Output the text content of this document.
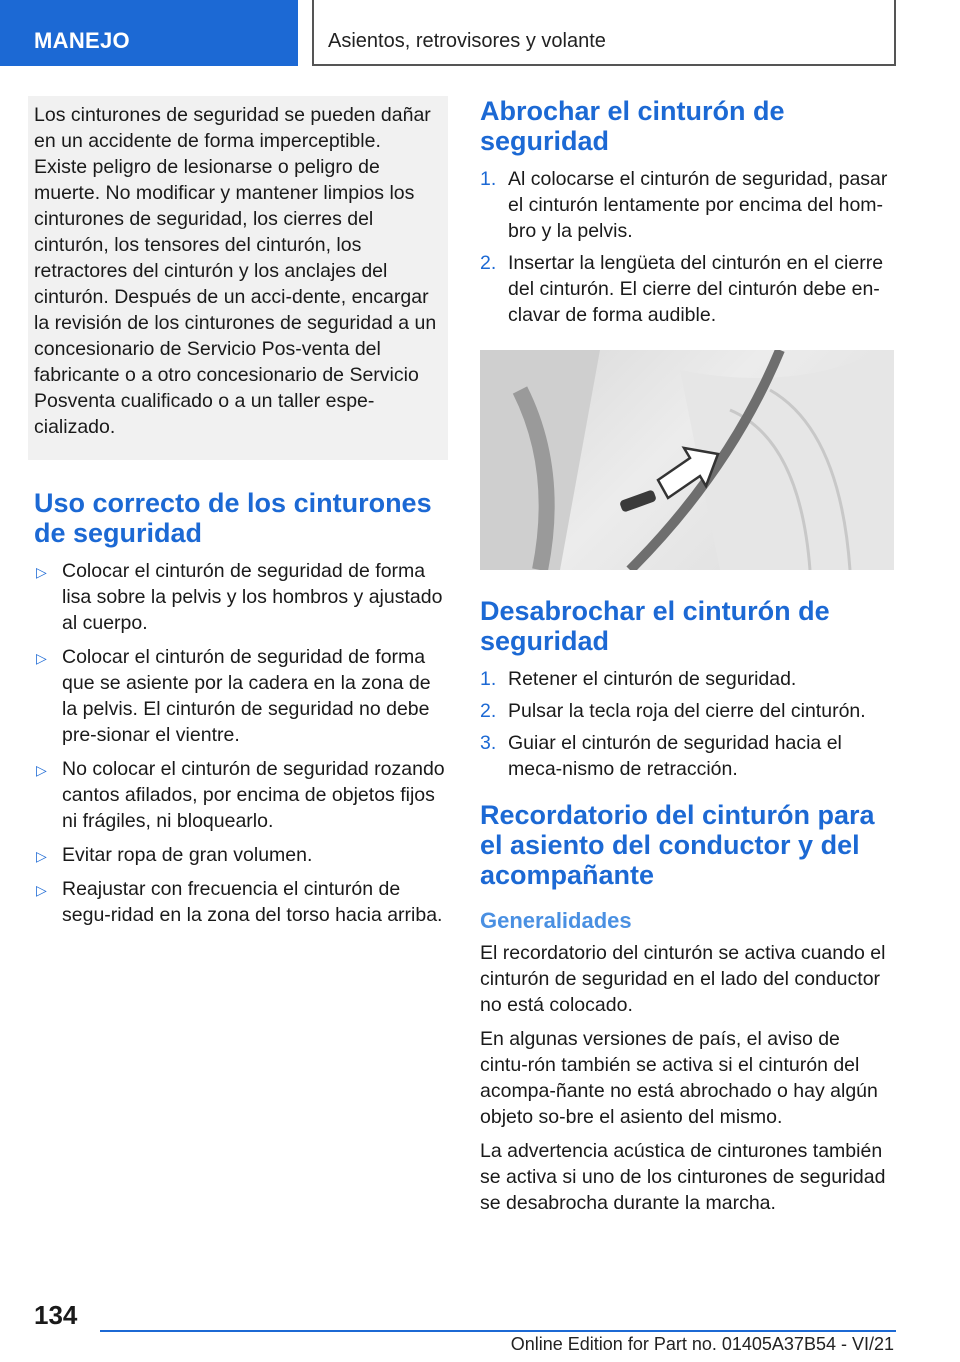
MANEJO	Asientos, retrovisores y volante
Los cinturones de seguridad se pueden dañar en un accidente de forma imperceptible. Existe peligro de lesionarse o peligro de muerte. No modificar y mantener limpios los cinturones de seguridad, los cierres del cinturón, los tensores del cinturón, los retractores del cinturón y los anclajes del cinturón. Después de un acci-dente, encargar la revisión de los cinturones de seguridad a un concesionario de Servicio Pos-venta del fabricante o a otro concesionario de Servicio Posventa cualificado o a un taller espe-cializado.
Uso correcto de los cinturones de seguridad
▷ Colocar el cinturón de seguridad de forma lisa sobre la pelvis y los hombros y ajustado al cuerpo.
▷ Colocar el cinturón de seguridad de forma que se asiente por la cadera en la zona de la pelvis. El cinturón de seguridad no debe pre-sionar el vientre.
▷ No colocar el cinturón de seguridad rozando cantos afilados, por encima de objetos fijos ni frágiles, ni bloquearlo.
▷ Evitar ropa de gran volumen.
▷ Reajustar con frecuencia el cinturón de segu-ridad en la zona del torso hacia arriba.
Abrochar el cinturón de seguridad
1. Al colocarse el cinturón de seguridad, pasar el cinturón lentamente por encima del hom-bro y la pelvis.
2. Insertar la lengüeta del cinturón en el cierre del cinturón. El cierre del cinturón debe en-clavar de forma audible.
Desabrochar el cinturón de seguridad
1. Retener el cinturón de seguridad.
2. Pulsar la tecla roja del cierre del cinturón.
3. Guiar el cinturón de seguridad hacia el meca-nismo de retracción.
Recordatorio del cinturón para el asiento del conductor y del acompañante
Generalidades

El recordatorio del cinturón se activa cuando el cinturón de seguridad en el lado del conductor no está colocado.

En algunas versiones de país, el aviso de cintu-rón también se activa si el cinturón del acompa-ñante no está abrochado o hay algún objeto so-bre el asiento del mismo.

La advertencia acústica de cinturones también se activa si uno de los cinturones de seguridad se desabrocha durante la marcha.

134
Online Edition for Part no. 01405A37B54 - VI/21
